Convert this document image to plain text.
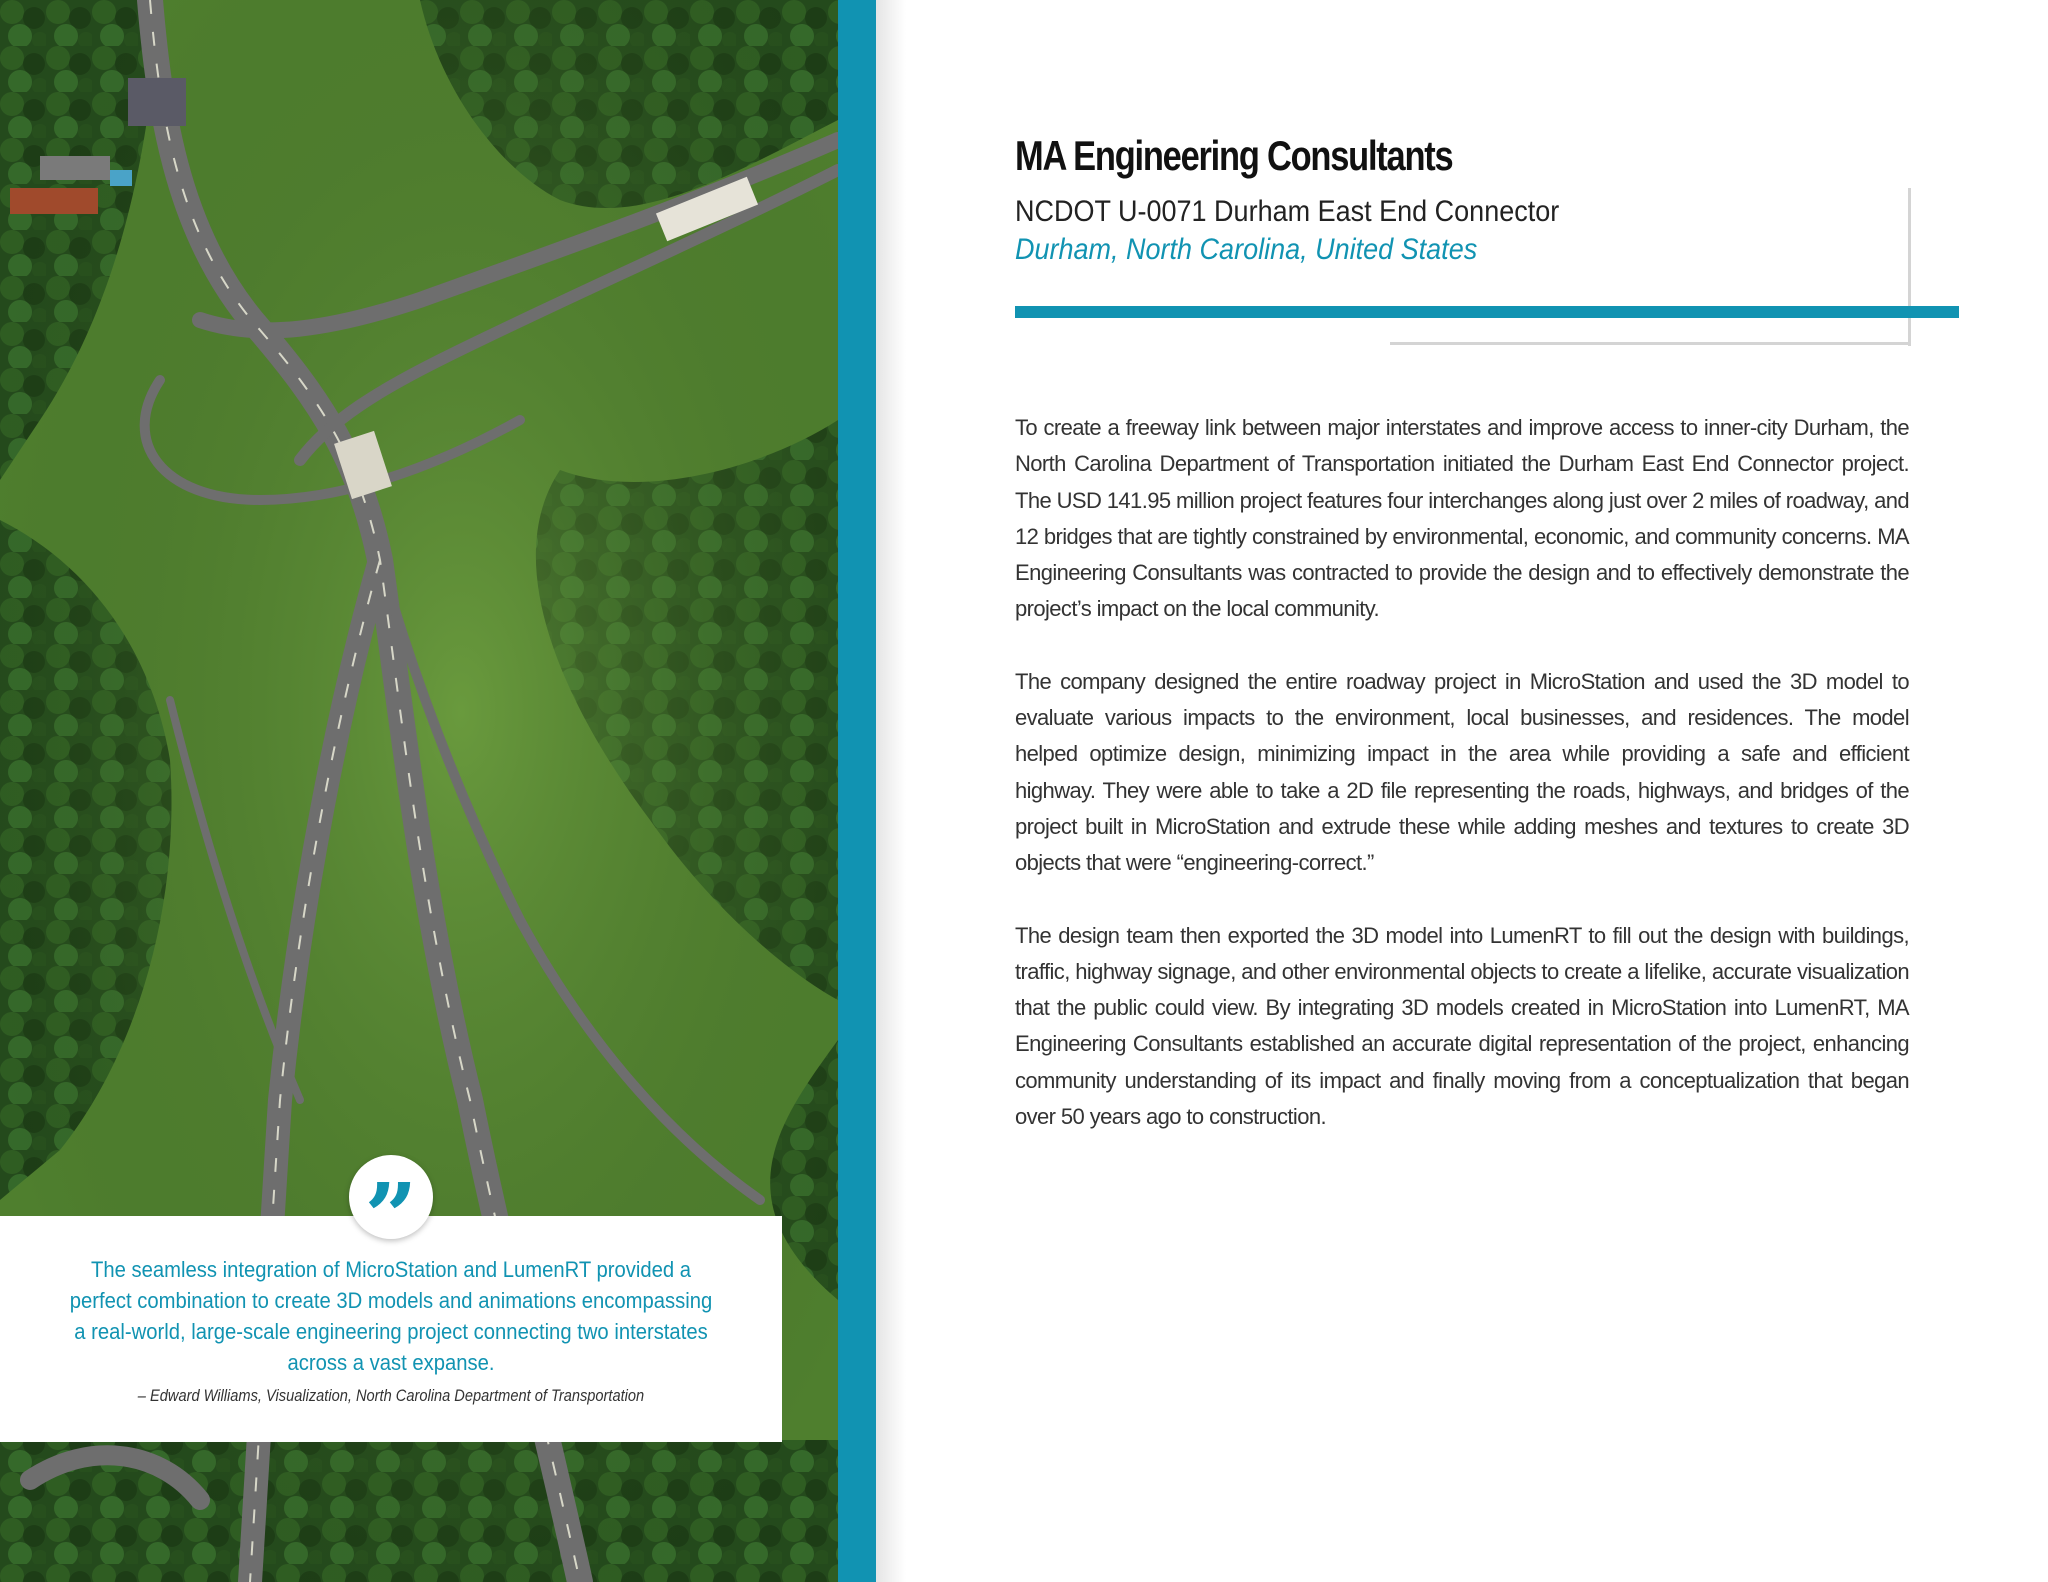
”
The seamless integration of MicroStation and LumenRT provided a perfect combination to create 3D models and animations encompassing a real-world, large-scale engineering project connecting two interstates across a vast expanse.
– Edward Williams, Visualization, North Carolina Department of Transportation
MA Engineering Consultants
NCDOT U-0071 Durham East End Connector
Durham, North Carolina, United States

To create a freeway link between major interstates and improve access to inner-city Durham, the North Carolina Department of Transportation initiated the Durham East End Connector project. The USD 141.95 million project features four interchanges along just over 2 miles of roadway, and 12 bridges that are tightly constrained by environmental, economic, and community concerns. MA Engineering Consultants was contracted to provide the design and to effectively demonstrate the project’s impact on the local community.

The company designed the entire roadway project in MicroStation and used the 3D model to evaluate various impacts to the environment, local businesses, and residences. The model helped optimize design, minimizing impact in the area while providing a safe and efficient highway. They were able to take a 2D file representing the roads, highways, and bridges of the project built in MicroStation and extrude these while adding meshes and textures to create 3D objects that were “engineering-correct.”

The design team then exported the 3D model into LumenRT to fill out the design with buildings, traffic, highway signage, and other environmental objects to create a lifelike, accurate visualization that the public could view. By integrating 3D models created in MicroStation into LumenRT, MA Engineering Consultants established an accurate digital representation of the project, enhancing community understanding of its impact and finally moving from a conceptualization that began over 50 years ago to construction.
